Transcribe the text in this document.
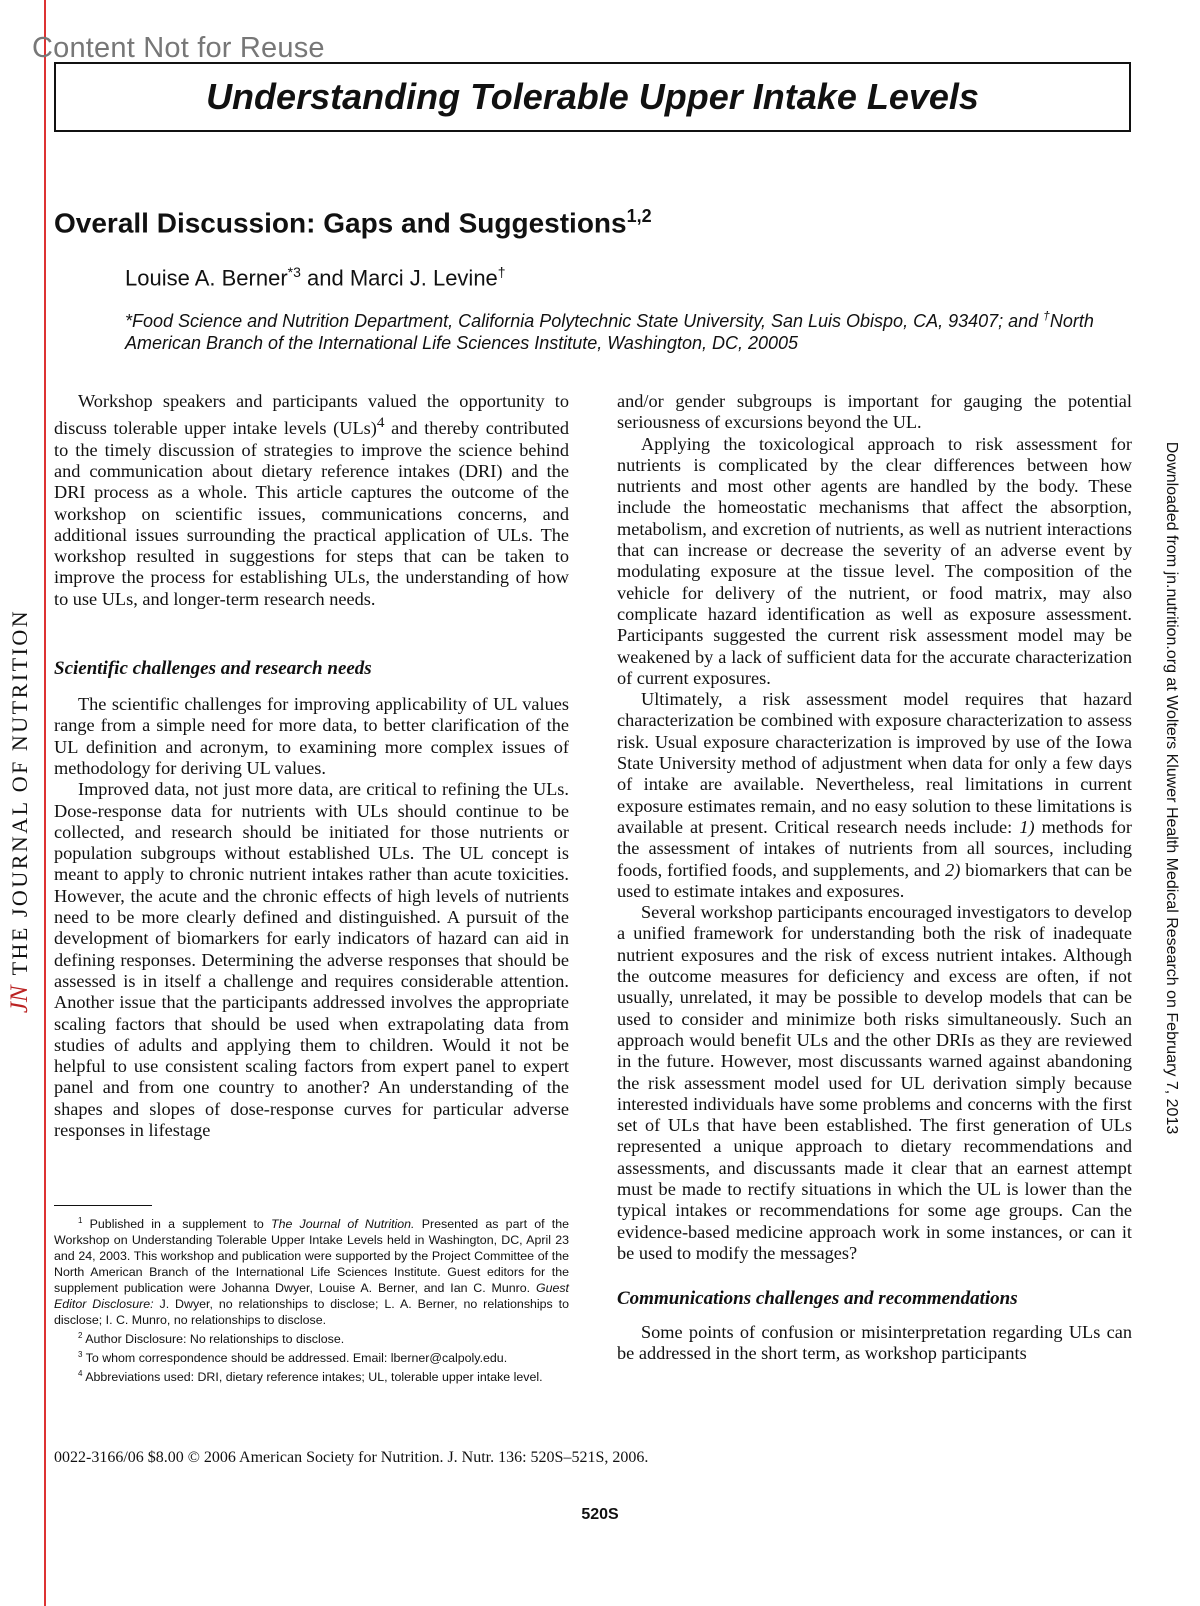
Content Not for Reuse
JNTHE JOURNAL OF NUTRITION	Downloaded from jn.nutrition.org at Wolters Kluwer Health Medical Research on February 7, 2013
Understanding Tolerable Upper Intake Levels
Overall Discussion: Gaps and Suggestions$^{1,2}$
Louise A. Berner$^{*3}$ and Marci J. Levine†
*Food Science and Nutrition Department, California Polytechnic State University, San Luis Obispo, CA, 93407; and †North American Branch of the International Life Sciences Institute, Washington, DC, 20005

Workshop speakers and participants valued the opportunity to discuss tolerable upper intake levels (ULs)$^4$ and thereby contributed to the timely discussion of strategies to improve the science behind and communication about dietary reference intakes (DRI) and the DRI process as a whole. This article captures the outcome of the workshop on scientific issues, communications concerns, and additional issues surrounding the practical application of ULs. The workshop resulted in suggestions for steps that can be taken to improve the process for establishing ULs, the understanding of how to use ULs, and longer-term research needs.

Scientific challenges and research needs

The scientific challenges for improving applicability of UL values range from a simple need for more data, to better clarification of the UL definition and acronym, to examining more complex issues of methodology for deriving UL values.

Improved data, not just more data, are critical to refining the ULs. Dose-response data for nutrients with ULs should continue to be collected, and research should be initiated for those nutrients or population subgroups without established ULs. The UL concept is meant to apply to chronic nutrient intakes rather than acute toxicities. However, the acute and the chronic effects of high levels of nutrients need to be more clearly defined and distinguished. A pursuit of the development of biomarkers for early indicators of hazard can aid in defining responses. Determining the adverse responses that should be assessed is in itself a challenge and requires considerable attention. Another issue that the participants addressed involves the appropriate scaling factors that should be used when extrapolating data from studies of adults and applying them to children. Would it not be helpful to use consistent scaling factors from expert panel to expert panel and from one country to another? An understanding of the shapes and slopes of dose-response curves for particular adverse responses in lifestage

and/or gender subgroups is important for gauging the potential seriousness of excursions beyond the UL.

Applying the toxicological approach to risk assessment for nutrients is complicated by the clear differences between how nutrients and most other agents are handled by the body. These include the homeostatic mechanisms that affect the absorption, metabolism, and excretion of nutrients, as well as nutrient interactions that can increase or decrease the severity of an adverse event by modulating exposure at the tissue level. The composition of the vehicle for delivery of the nutrient, or food matrix, may also complicate hazard identification as well as exposure assessment. Participants suggested the current risk assessment model may be weakened by a lack of sufficient data for the accurate characterization of current exposures.

Ultimately, a risk assessment model requires that hazard characterization be combined with exposure characterization to assess risk. Usual exposure characterization is improved by use of the Iowa State University method of adjustment when data for only a few days of intake are available. Nevertheless, real limitations in current exposure estimates remain, and no easy solution to these limitations is available at present. Critical research needs include: 1) methods for the assessment of intakes of nutrients from all sources, including foods, fortified foods, and supplements, and 2) biomarkers that can be used to estimate intakes and exposures.

Several workshop participants encouraged investigators to develop a unified framework for understanding both the risk of inadequate nutrient exposures and the risk of excess nutrient intakes. Although the outcome measures for deficiency and excess are often, if not usually, unrelated, it may be possible to develop models that can be used to consider and minimize both risks simultaneously. Such an approach would benefit ULs and the other DRIs as they are reviewed in the future. However, most discussants warned against abandoning the risk assessment model used for UL derivation simply because interested individuals have some problems and concerns with the first set of ULs that have been established. The first generation of ULs represented a unique approach to dietary recommendations and assessments, and discussants made it clear that an earnest attempt must be made to rectify situations in which the UL is lower than the typical intakes or recommendations for some age groups. Can the evidence-based medicine approach work in some instances, or can it be used to modify the messages?

Communications challenges and recommendations

Some points of confusion or misinterpretation regarding ULs can be addressed in the short term, as workshop participants

$^1$ Published in a supplement to The Journal of Nutrition. Presented as part of the Workshop on Understanding Tolerable Upper Intake Levels held in Washington, DC, April 23 and 24, 2003. This workshop and publication were supported by the Project Committee of the North American Branch of the International Life Sciences Institute. Guest editors for the supplement publication were Johanna Dwyer, Louise A. Berner, and Ian C. Munro. Guest Editor Disclosure: J. Dwyer, no relationships to disclose; L. A. Berner, no relationships to disclose; I. C. Munro, no relationships to disclose.

$^2$ Author Disclosure: No relationships to disclose.

$^3$ To whom correspondence should be addressed. Email: lberner@calpoly.edu.

$^4$ Abbreviations used: DRI, dietary reference intakes; UL, tolerable upper intake level.

0022-3166/06 $8.00 © 2006 American Society for Nutrition. J. Nutr. 136: 520S–521S, 2006.
520S
